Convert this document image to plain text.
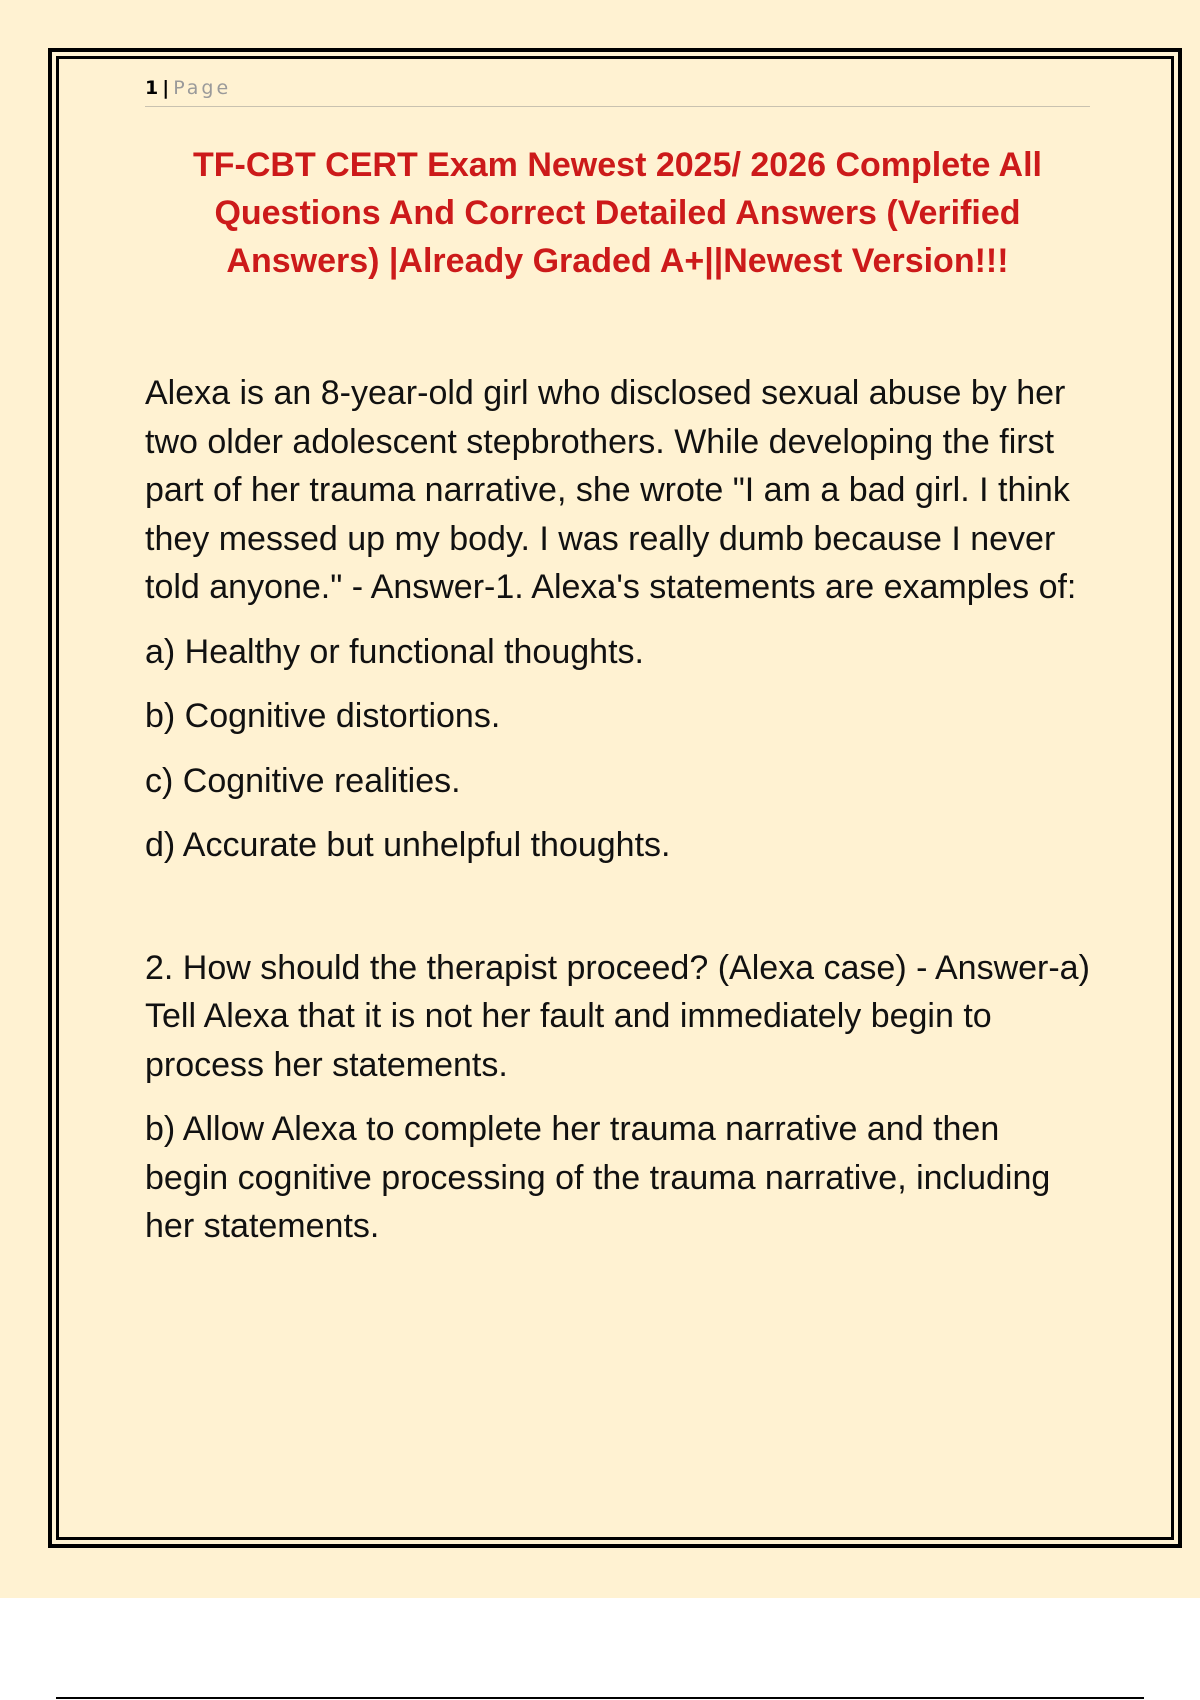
1 | Page
TF-CBT CERT Exam Newest 2025/ 2026 Complete All Questions And Correct Detailed Answers (Verified Answers) |Already Graded A+||Newest Version!!!
Alexa is an 8-year-old girl who disclosed sexual abuse by her two older adolescent stepbrothers. While developing the first part of her trauma narrative, she wrote "I am a bad girl. I think they messed up my body. I was really dumb because I never told anyone." - Answer-1. Alexa's statements are examples of:
a) Healthy or functional thoughts.
b) Cognitive distortions.
c) Cognitive realities.
d) Accurate but unhelpful thoughts.
2. How should the therapist proceed? (Alexa case) - Answer-a) Tell Alexa that it is not her fault and immediately begin to process her statements.
b) Allow Alexa to complete her trauma narrative and then begin cognitive processing of the trauma narrative, including her statements.
